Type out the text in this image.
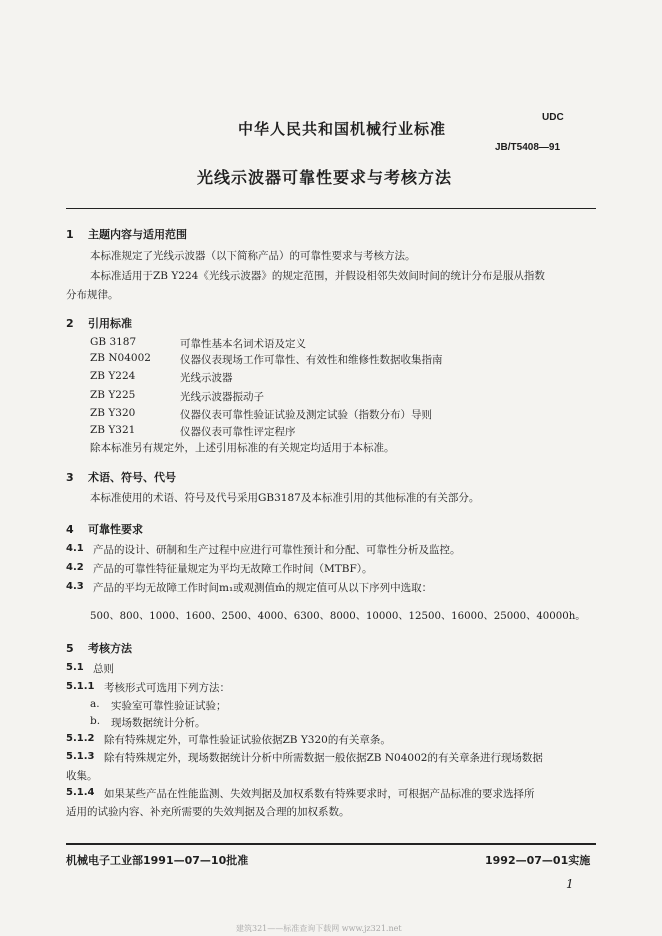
中华人民共和国机械行业标准
UDC
JB/T5408—91
光线示波器可靠性要求与考核方法
1 主题内容与适用范围
本标准规定了光线示波器（以下简称产品）的可靠性要求与考核方法。
本标准适用于ZB Y224《光线示波器》的规定范围，并假设相邻失效间时间的统计分布是服从指数
分布规律。
2 引用标准
GB 3187	可靠性基本名词术语及定义
ZB N04002	仪器仪表现场工作可靠性、有效性和维修性数据收集指南
ZB Y224	光线示波器
ZB Y225	光线示波器振动子
ZB Y320	仪器仪表可靠性验证试验及测定试验（指数分布）导则
ZB Y321	仪器仪表可靠性评定程序
除本标准另有规定外，上述引用标准的有关规定均适用于本标准。
3 术语、符号、代号
本标准使用的术语、符号及代号采用GB3187及本标准引用的其他标准的有关部分。
4 可靠性要求
4.1 产品的设计、研制和生产过程中应进行可靠性预计和分配、可靠性分析及监控。
4.2 产品的可靠性特征量规定为平均无故障工作时间（MTBF）。
4.3 产品的平均无故障工作时间m₁或观测值m̂的规定值可从以下序列中选取：
500、800、1000、1600、2500、4000、6300、8000、10000、12500、16000、25000、40000h。
5 考核方法
5.1 总则
5.1.1 考核形式可选用下列方法：
a. 实验室可靠性验证试验；
b. 现场数据统计分析。
5.1.2 除有特殊规定外，可靠性验证试验依据ZB Y320的有关章条。
5.1.3 除有特殊规定外，现场数据统计分析中所需数据一般依据ZB N04002的有关章条进行现场数据
收集。
5.1.4 如果某些产品在性能监测、失效判据及加权系数有特殊要求时，可根据产品标准的要求选择所
适用的试验内容、补充所需要的失效判据及合理的加权系数。
机械电子工业部1991—07—10批准	1992—07—01实施
1
建筑321——标准查询下载网 www.jz321.net
